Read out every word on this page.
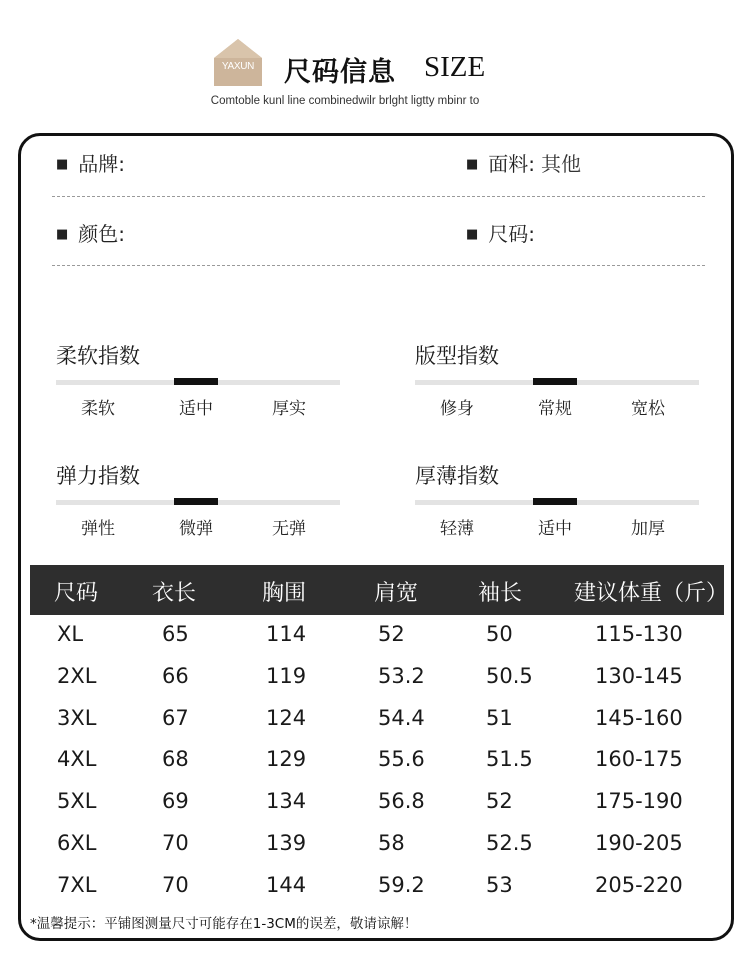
YAXUN	尺码信息 SIZE
Comtoble kunl line combinedwilr brlght ligtty mbinr to
■ 品牌:	■ 面料: 其他
■ 颜色:	■ 尺码:
柔软指数
柔软	适中	厚实
版型指数
修身	常规	宽松
弹力指数
弹性	微弹	无弹
厚薄指数
轻薄	适中	加厚
尺码 衣长	胸围	肩宽	袖长 建议体重（斤）
XL	65	114	52	50	115-130
2XL	66	119	53.2	50.5	130-145
3XL	67	124	54.4	51	145-160
4XL	68	129	55.6	51.5	160-175
5XL	69	134	56.8	52	175-190
6XL	70	139	58	52.5	190-205
7XL	70	144	59.2	53	205-220
*温馨提示：平铺图测量尺寸可能存在1-3CM的误差，敬请谅解！
